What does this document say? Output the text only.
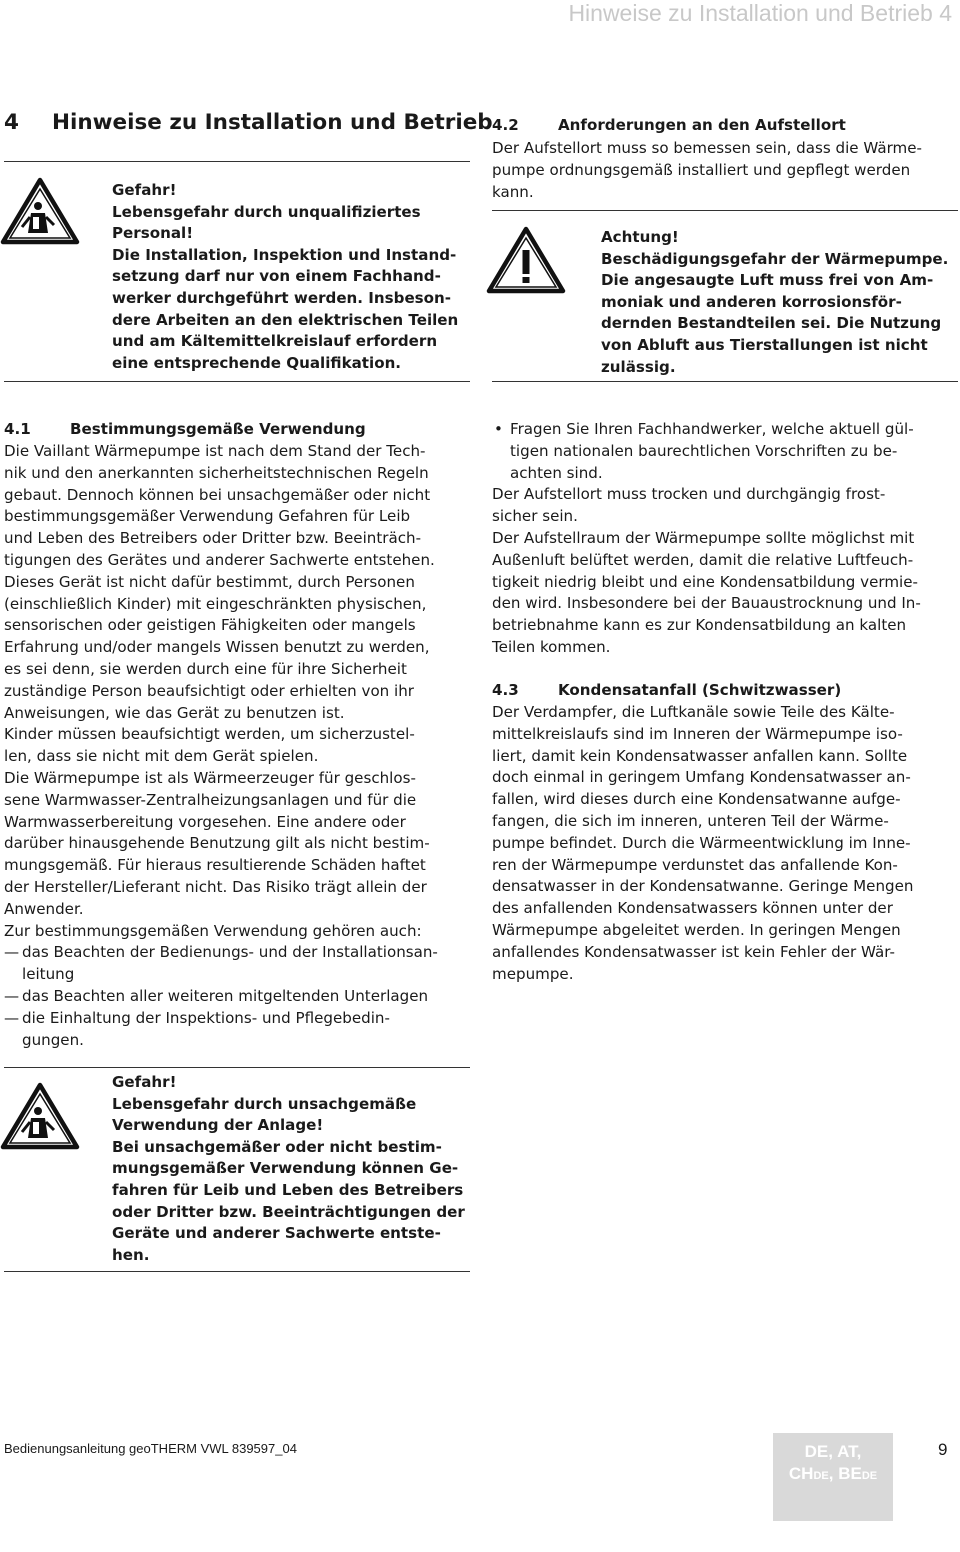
Hinweise zu Installation und Betrieb 4
4 Hinweise zu Installation und Betrieb
Gefahr!
Lebensgefahr durch unqualifiziertes
Personal!
Die Installation, Inspektion und Instand-
setzung darf nur von einem Fachhand-
werker durchgeführt werden. Insbeson-
dere Arbeiten an den elektrischen Teilen
und am Kältemittelkreislauf erfordern
eine entsprechende Qualifikation.
4.2	Anforderungen an den Aufstellort
Der Aufstellort muss so bemessen sein, dass die Wärme-
pumpe ordnungsgemäß installiert und gepflegt werden
kann.
Achtung!
Beschädigungsgefahr der Wärmepumpe.
Die angesaugte Luft muss frei von Am-
moniak und anderen korrosionsför-
dernden Bestandteilen sei. Die Nutzung
von Abluft aus Tierstallungen ist nicht
zulässig.
4.1	Bestimmungsgemäße Verwendung
Die Vaillant Wärmepumpe ist nach dem Stand der Tech-
nik und den anerkannten sicherheitstechnischen Regeln
gebaut. Dennoch können bei unsachgemäßer oder nicht
bestimmungsgemäßer Verwendung Gefahren für Leib
und Leben des Betreibers oder Dritter bzw. Beeinträch-
tigungen des Gerätes und anderer Sachwerte entstehen.
Dieses Gerät ist nicht dafür bestimmt, durch Personen
(einschließlich Kinder) mit eingeschränkten physischen,
sensorischen oder geistigen Fähigkeiten oder mangels
Erfahrung und/oder mangels Wissen benutzt zu werden,
es sei denn, sie werden durch eine für ihre Sicherheit
zuständige Person beaufsichtigt oder erhielten von ihr
Anweisungen, wie das Gerät zu benutzen ist.
Kinder müssen beaufsichtigt werden, um sicherzustel-
len, dass sie nicht mit dem Gerät spielen.
Die Wärmepumpe ist als Wärmeerzeuger für geschlos-
sene Warmwasser-Zentralheizungsanlagen und für die
Warmwasserbereitung vorgesehen. Eine andere oder
darüber hinausgehende Benutzung gilt als nicht bestim-
mungsgemäß. Für hieraus resultierende Schäden haftet
der Hersteller/Lieferant nicht. Das Risiko trägt allein der
Anwender.
Zur bestimmungsgemäßen Verwendung gehören auch:
— das Beachten der Bedienungs- und der Installationsan-
leitung
— das Beachten aller weiteren mitgeltenden Unterlagen
— die Einhaltung der Inspektions- und Pflegebedin-
gungen.
• Fragen Sie Ihren Fachhandwerker, welche aktuell gül-
tigen nationalen baurechtlichen Vorschriften zu be-
achten sind.
Der Aufstellort muss trocken und durchgängig frost-
sicher sein.
Der Aufstellraum der Wärmepumpe sollte möglichst mit
Außenluft belüftet werden, damit die relative Luftfeuch-
tigkeit niedrig bleibt und eine Kondensatbildung vermie-
den wird. Insbesondere bei der Bauaustrocknung und In-
betriebnahme kann es zur Kondensatbildung an kalten
Teilen kommen.
4.3	Kondensatanfall (Schwitzwasser)
Der Verdampfer, die Luftkanäle sowie Teile des Kälte-
mittelkreislaufs sind im Inneren der Wärmepumpe iso-
liert, damit kein Kondensatwasser anfallen kann. Sollte
doch einmal in geringem Umfang Kondensatwasser an-
fallen, wird dieses durch eine Kondensatwanne aufge-
fangen, die sich im inneren, unteren Teil der Wärme-
pumpe befindet. Durch die Wärmeentwicklung im Inne-
ren der Wärmepumpe verdunstet das anfallende Kon-
densatwasser in der Kondensatwanne. Geringe Mengen
des anfallenden Kondensatwassers können unter der
Wärmepumpe abgeleitet werden. In geringen Mengen
anfallendes Kondensatwasser ist kein Fehler der Wär-
mepumpe.
Gefahr!
Lebensgefahr durch unsachgemäße
Verwendung der Anlage!
Bei unsachgemäßer oder nicht bestim-
mungsgemäßer Verwendung können Ge-
fahren für Leib und Leben des Betreibers
oder Dritter bzw. Beeinträchtigungen der
Geräte und anderer Sachwerte entste-
hen.
Bedienungsanleitung geoTHERM VWL 839597_04	DE, AT,
CHDE, BEDE
9
